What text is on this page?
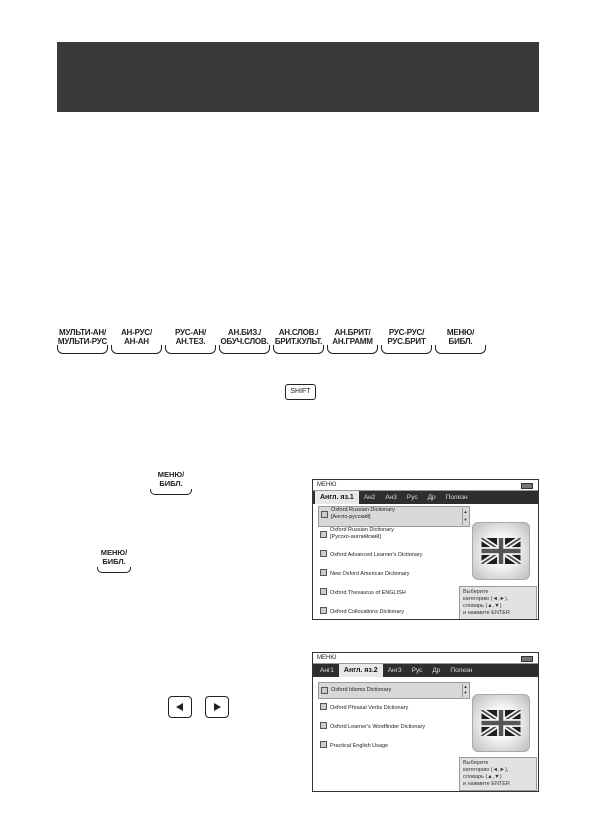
МУЛЬТИ-АН/
МУЛЬТИ-РУС
АН-РУС/
АН-АН
РУС-АН/
АН.ТЕЗ.
АН.БИЗ./
ОБУЧ.СЛОВ.
АН.СЛОВ./
БРИТ.КУЛЬТ.
АН.БРИТ/
АН.ГРАММ
РУС-РУС/
РУС.БРИТ
МЕНЮ/
БИБЛ.
SHIFT
МЕНЮ/
БИБЛ.
МЕНЮ/
БИБЛ.
МЕНЮ
Англ. яз.1	Ан2	Ан3	Рус	Др	Полезн
Oxford Russian Dictionary
[Англо-русский]
▲
▼
Oxford Russian Dictionary
[Русско-английский]
Oxford Advanced Learner's Dictionary
New Oxford American Dictionary
Oxford Thesaurus of ENGLISH
Oxford Collocations Dictionary
Выберите
категорию (◄,►),
словарь (▲,▼)
и нажмите ENTER
МЕНЮ
Анг1	Англ. яз.2	Анг3	Рус	Др	Полезн
Oxford Idioms Dictionary
▲
▼
Oxford Phrasal Verbs Dictionary
Oxford Learner's Wordfinder Dictionary
Practical English Usage
Выберите
категорию (◄,►),
словарь (▲,▼)
и нажмите ENTER
